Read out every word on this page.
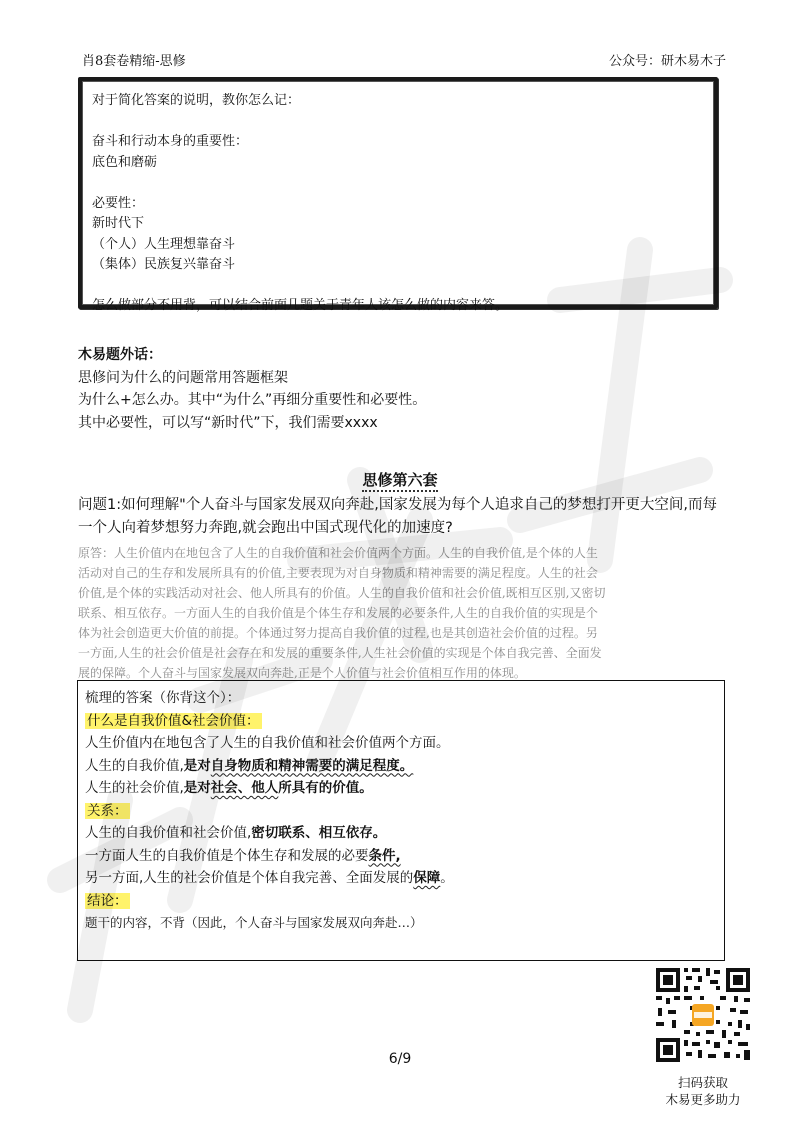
肖8套卷精缩-思修	公众号：研木易木子
对于简化答案的说明，教你怎么记：
奋斗和行动本身的重要性：
底色和磨砺
必要性：
新时代下
（个人）人生理想靠奋斗
（集体）民族复兴靠奋斗
怎么做部分不用背，可以结合前面几题关于青年人该怎么做的内容来答。
木易题外话：
思修问为什么的问题常用答题框架
为什么+怎么办。其中“为什么”再细分重要性和必要性。
其中必要性，可以写“新时代”下，我们需要xxxx
思修第六套
问题1:如何理解"个人奋斗与国家发展双向奔赴,国家发展为每个人追求自己的梦想打开更大空间,而每
一个人向着梦想努力奔跑,就会跑出中国式现代化的加速度?
原答：人生价值内在地包含了人生的自我价值和社会价值两个方面。人生的自我价值,是个体的人生
活动对自己的生存和发展所具有的价值,主要表现为对自身物质和精神需要的满足程度。人生的社会
价值,是个体的实践活动对社会、他人所具有的价值。人生的自我价值和社会价值,既相互区别,又密切
联系、相互依存。一方面人生的自我价值是个体生存和发展的必要条件,人生的自我价值的实现是个
体为社会创造更大价值的前提。个体通过努力提高自我价值的过程,也是其创造社会价值的过程。另
一方面,人生的社会价值是社会存在和发展的重要条件,人生社会价值的实现是个体自我完善、全面发
展的保障。个人奋斗与国家发展双向奔赴,正是个人价值与社会价值相互作用的体现。
梳理的答案（你背这个）：
什么是自我价值&社会价值：
人生价值内在地包含了人生的自我价值和社会价值两个方面。
人生的自我价值,是对自身物质和精神需要的满足程度。
人生的社会价值,是对社会、他人所具有的价值。
关系：
人生的自我价值和社会价值,密切联系、相互依存。
一方面人生的自我价值是个体生存和发展的必要条件,
另一方面,人生的社会价值是个体自我完善、全面发展的保障。
结论：
题干的内容，不背（因此，个人奋斗与国家发展双向奔赴…）
扫码获取
木易更多助力
6/9
